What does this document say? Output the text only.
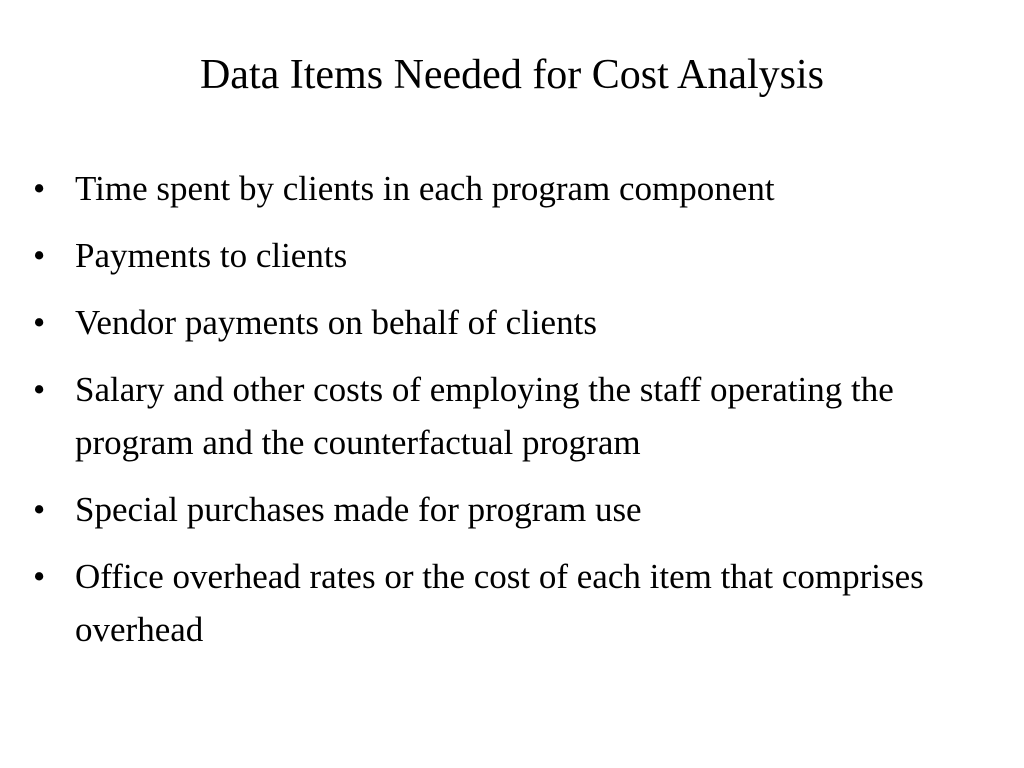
Data Items Needed for Cost Analysis
• Time spent by clients in each program component
• Payments to clients
• Vendor payments on behalf of clients
• Salary and other costs of employing the staff operating the program and the counterfactual program
• Special purchases made for program use
• Office overhead rates or the cost of each item that comprises overhead
